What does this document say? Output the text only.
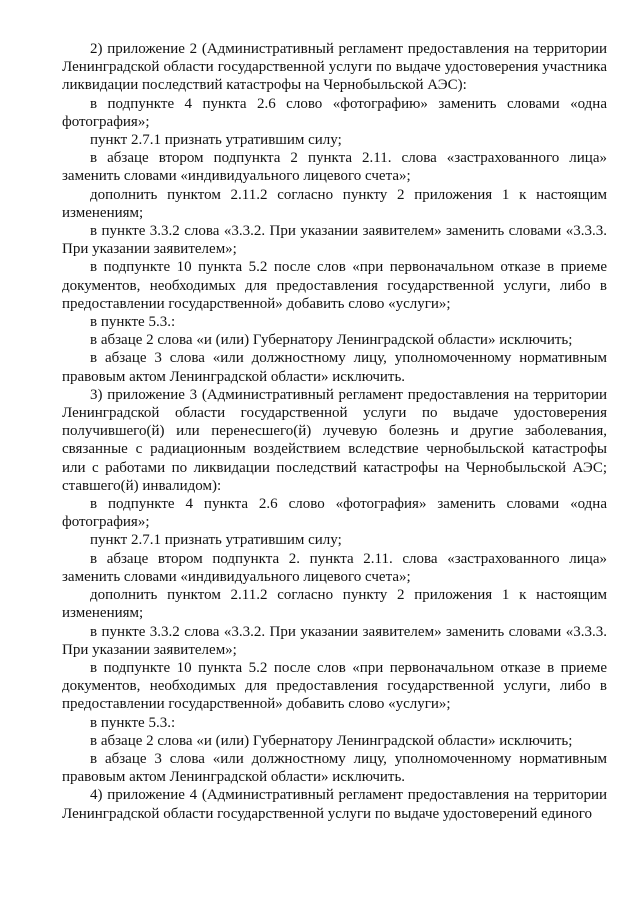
2) приложение 2 (Административный регламент предоставления на территории Ленинградской области государственной услуги по выдаче удостоверения участника ликвидации последствий катастрофы на Чернобыльской АЭС):

в подпункте 4 пункта 2.6 слово «фотографию» заменить словами «одна фотография»;

пункт 2.7.1 признать утратившим силу;

в абзаце втором подпункта 2 пункта 2.11. слова «застрахованного лица» заменить словами «индивидуального лицевого счета»;

дополнить пунктом 2.11.2 согласно пункту 2 приложения 1 к настоящим изменениям;

в пункте 3.3.2 слова «3.3.2. При указании заявителем» заменить словами «3.3.3. При указании заявителем»;

в подпункте 10 пункта 5.2 после слов «при первоначальном отказе в приеме документов, необходимых для предоставления государственной услуги, либо в предоставлении государственной» добавить слово «услуги»;

в пункте 5.3.:

в абзаце 2 слова «и (или) Губернатору Ленинградской области» исключить;

в абзаце 3 слова «или должностному лицу, уполномоченному нормативным правовым актом Ленинградской области» исключить.

3) приложение 3 (Административный регламент предоставления на территории Ленинградской области государственной услуги по выдаче удостоверения получившего(й) или перенесшего(й) лучевую болезнь и другие заболевания, связанные с радиационным воздействием вследствие чернобыльской катастрофы или с работами по ликвидации последствий катастрофы на Чернобыльской АЭС; ставшего(й) инвалидом):

в подпункте 4 пункта 2.6 слово «фотография» заменить словами «одна фотография»;

пункт 2.7.1 признать утратившим силу;

в абзаце втором подпункта 2. пункта 2.11. слова «застрахованного лица» заменить словами «индивидуального лицевого счета»;

дополнить пунктом 2.11.2 согласно пункту 2 приложения 1 к настоящим изменениям;

в пункте 3.3.2 слова «3.3.2. При указании заявителем» заменить словами «3.3.3. При указании заявителем»;

в подпункте 10 пункта 5.2 после слов «при первоначальном отказе в приеме документов, необходимых для предоставления государственной услуги, либо в предоставлении государственной» добавить слово «услуги»;

в пункте 5.3.:

в абзаце 2 слова «и (или) Губернатору Ленинградской области» исключить;

в абзаце 3 слова «или должностному лицу, уполномоченному нормативным правовым актом Ленинградской области» исключить.

4) приложение 4 (Административный регламент предоставления на территории Ленинградской области государственной услуги по выдаче удостоверений единого
